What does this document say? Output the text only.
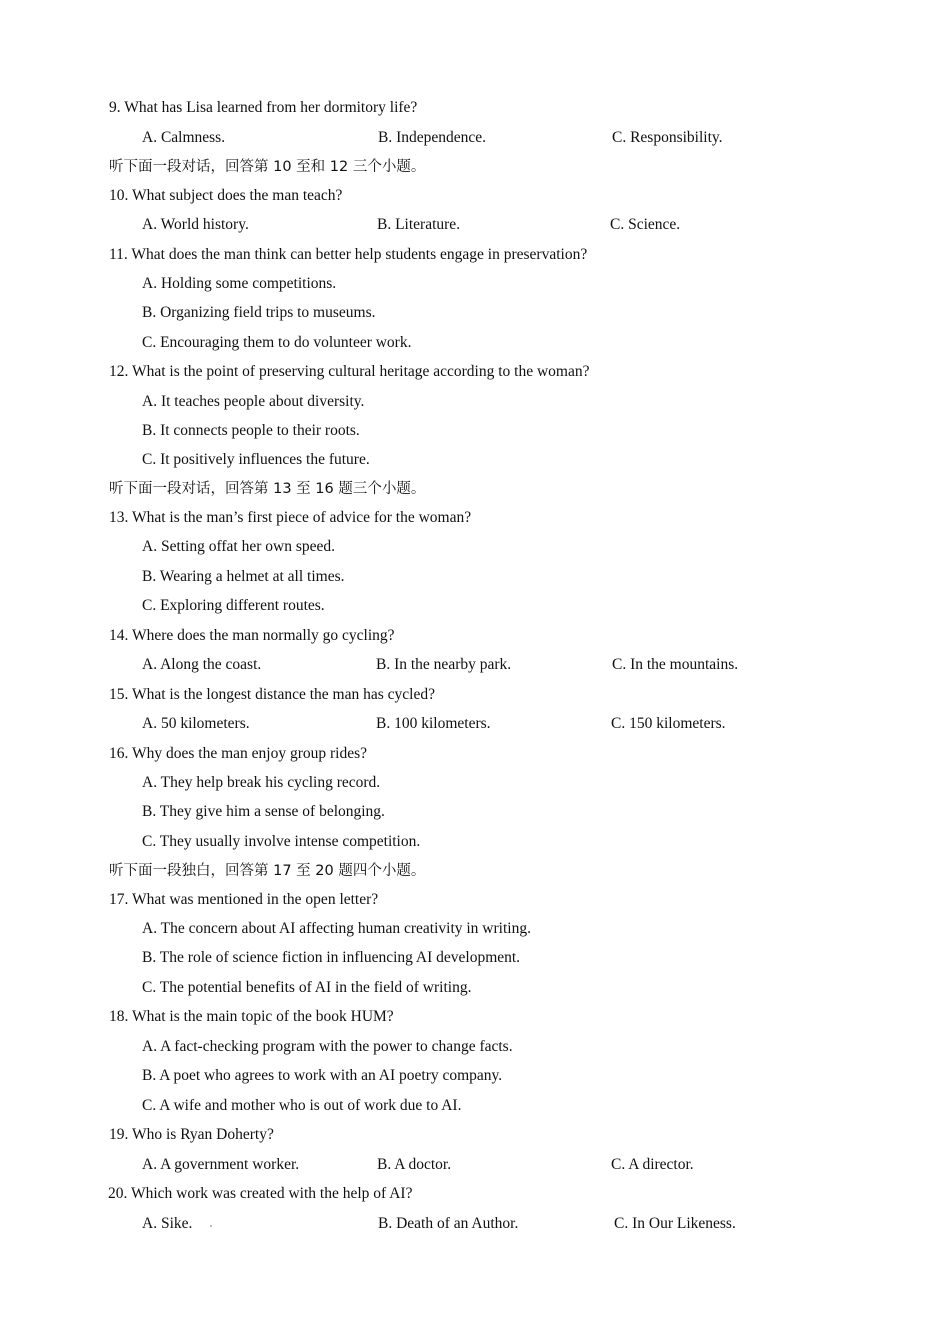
9. What has Lisa learned from her dormitory life?
A. Calmness.	B. Independence.	C. Responsibility.
听下面一段对话，回答第 10 至和 12 三个小题。
10. What subject does the man teach?
A. World history.	B. Literature.	C. Science.
11. What does the man think can better help students engage in preservation?
A. Holding some competitions.
B. Organizing field trips to museums.
C. Encouraging them to do volunteer work.
12. What is the point of preserving cultural heritage according to the woman?
A. It teaches people about diversity.
B. It connects people to their roots.
C. It positively influences the future.
听下面一段对话，回答第 13 至 16 题三个小题。
13. What is the man’s first piece of advice for the woman?
A. Setting offat her own speed.
B. Wearing a helmet at all times.
C. Exploring different routes.
14. Where does the man normally go cycling?
A. Along the coast.	B. In the nearby park.	C. In the mountains.
15. What is the longest distance the man has cycled?
A. 50 kilometers.	B. 100 kilometers.	C. 150 kilometers.
16. Why does the man enjoy group rides?
A. They help break his cycling record.
B. They give him a sense of belonging.
C. They usually involve intense competition.
听下面一段独白，回答第 17 至 20 题四个小题。
17. What was mentioned in the open letter?
A. The concern about AI affecting human creativity in writing.
B. The role of science fiction in influencing AI development.
C. The potential benefits of AI in the field of writing.
18. What is the main topic of the book HUM?
A. A fact-checking program with the power to change facts.
B. A poet who agrees to work with an AI poetry company.
C. A wife and mother who is out of work due to AI.
19. Who is Ryan Doherty?
A. A government worker.	B. A doctor.	C. A director.
20. Which work was created with the help of AI?
A. Sike.	B. Death of an Author.	C. In Our Likeness.
